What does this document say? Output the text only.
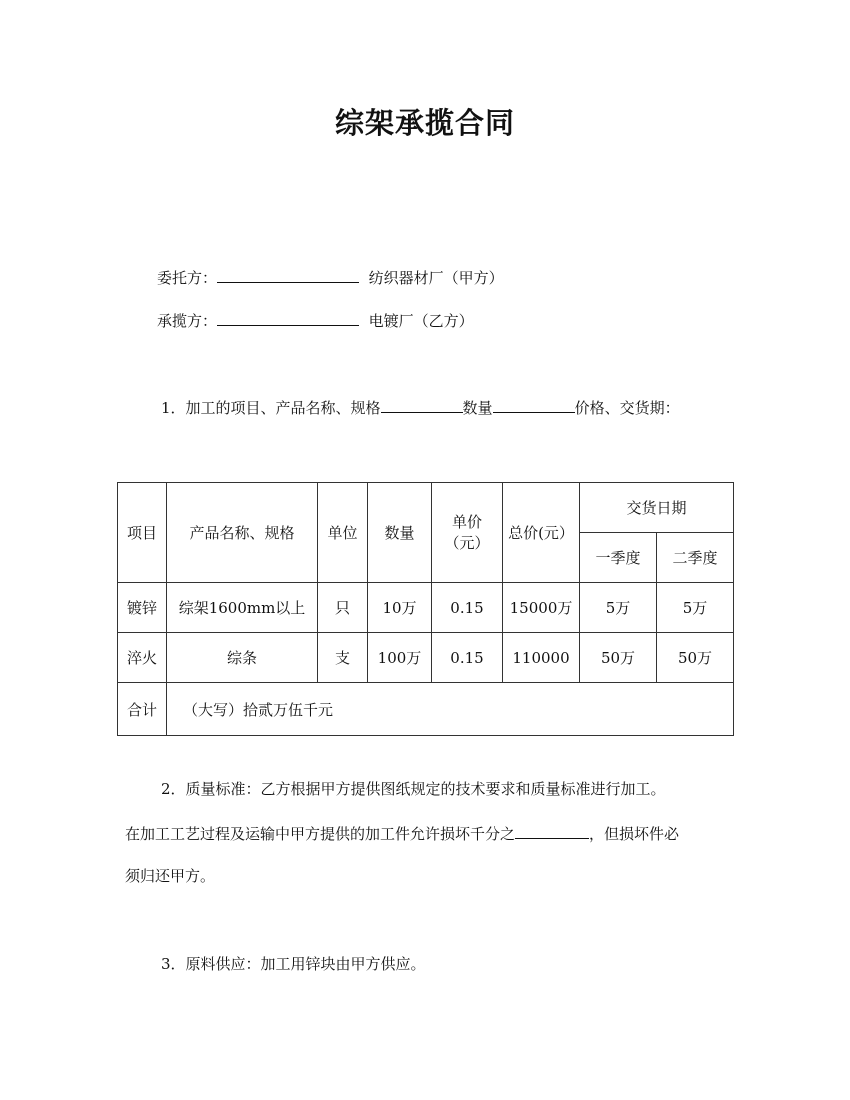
综架承揽合同
委托方：	纺织器材厂（甲方）
承揽方：	电镀厂（乙方）
1．加工的项目、产品名称、规格	数量	价格、交货期：
项目	产品名称、规格	单位	数量	单价（元）	总价(元）	交货日期	
						一季度	二季度
镀锌	综架1600mm以上	只	10万	0.15	15000万	5万	5万
淬火	综条	支	100万	0.15	110000	50万	50万
合计	（大写）拾贰万伍千元						
2．质量标准：乙方根据甲方提供图纸规定的技术要求和质量标准进行加工。
在加工工艺过程及运输中甲方提供的加工件允许损坏千分之	，但损坏件必
须归还甲方。
3．原料供应：加工用锌块由甲方供应。
